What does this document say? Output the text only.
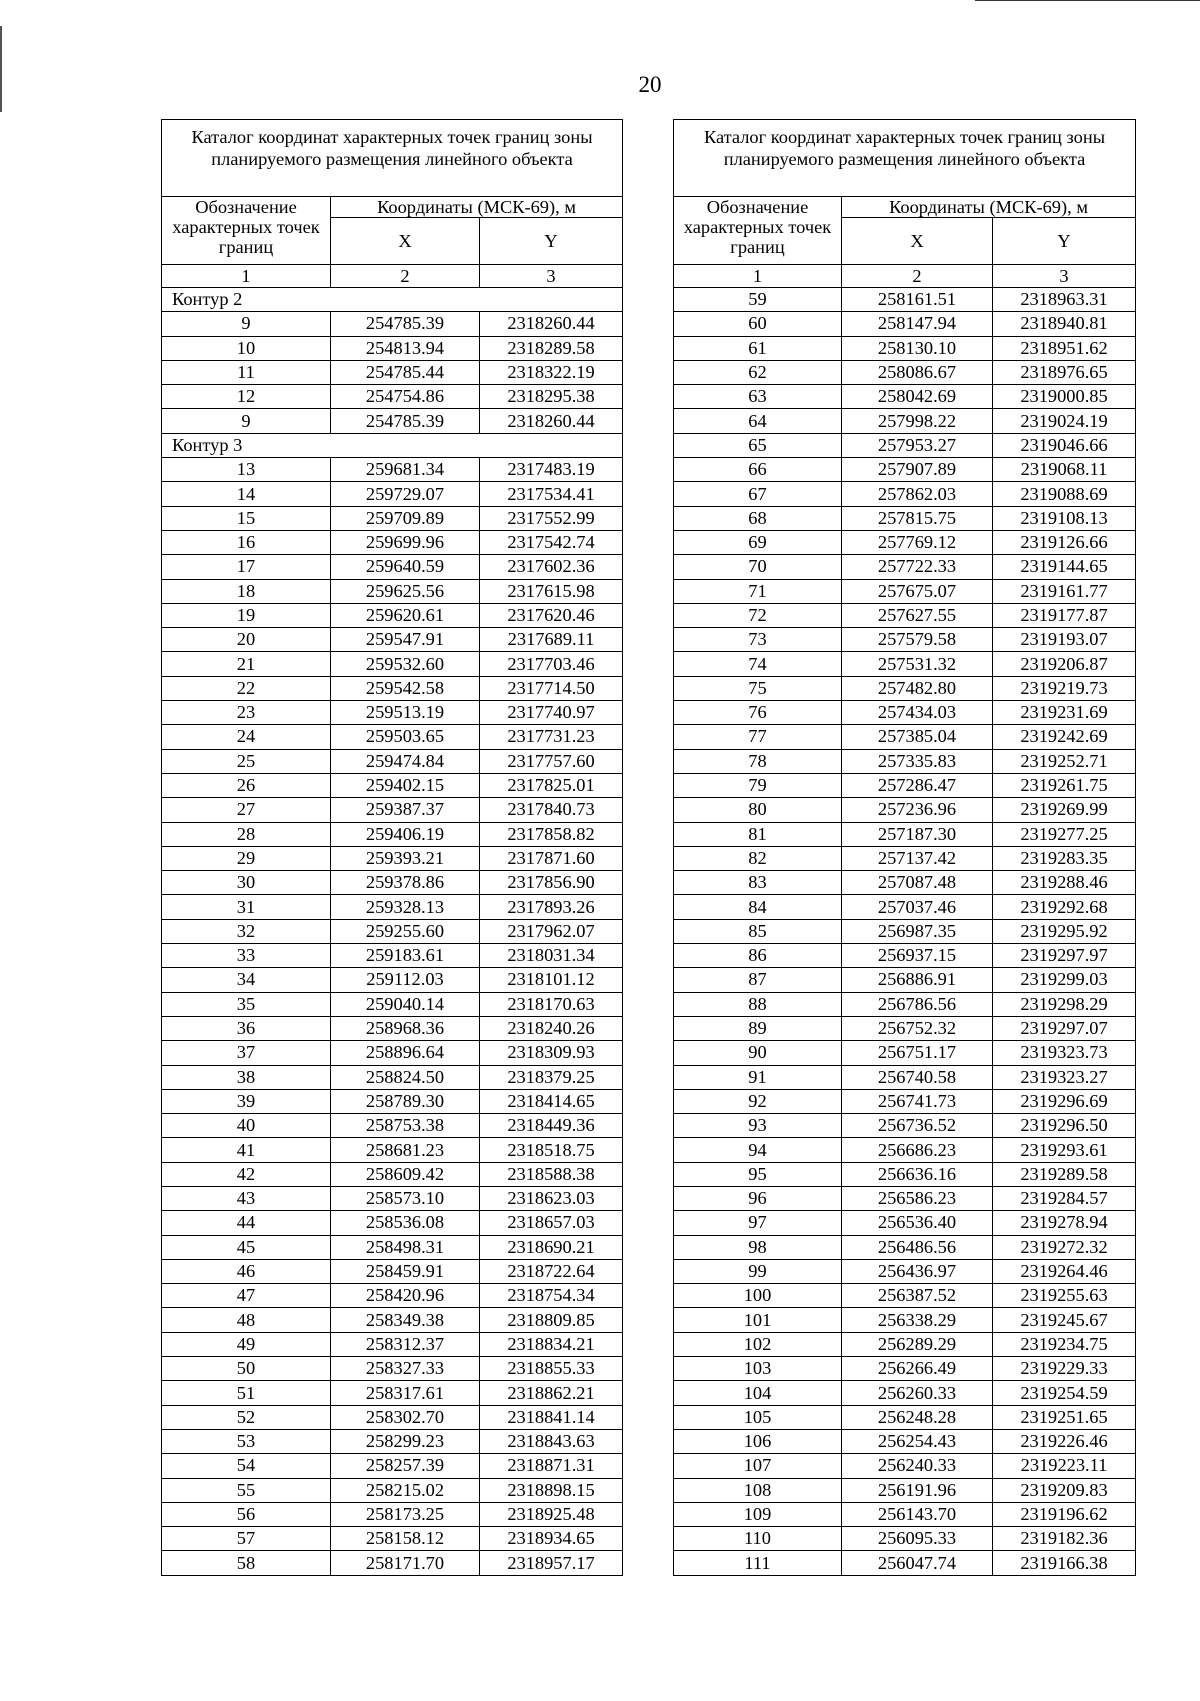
20
Каталог координат характерных точек границ зоны планируемого размещения линейного объекта		
Обозначение характерных точек границ	Координаты (МСК-69), м	
	X	Y
1	2	3
Контур 2		
9	254785.39	2318260.44
10	254813.94	2318289.58
11	254785.44	2318322.19
12	254754.86	2318295.38
9	254785.39	2318260.44
Контур 3		
13	259681.34	2317483.19
14	259729.07	2317534.41
15	259709.89	2317552.99
16	259699.96	2317542.74
17	259640.59	2317602.36
18	259625.56	2317615.98
19	259620.61	2317620.46
20	259547.91	2317689.11
21	259532.60	2317703.46
22	259542.58	2317714.50
23	259513.19	2317740.97
24	259503.65	2317731.23
25	259474.84	2317757.60
26	259402.15	2317825.01
27	259387.37	2317840.73
28	259406.19	2317858.82
29	259393.21	2317871.60
30	259378.86	2317856.90
31	259328.13	2317893.26
32	259255.60	2317962.07
33	259183.61	2318031.34
34	259112.03	2318101.12
35	259040.14	2318170.63
36	258968.36	2318240.26
37	258896.64	2318309.93
38	258824.50	2318379.25
39	258789.30	2318414.65
40	258753.38	2318449.36
41	258681.23	2318518.75
42	258609.42	2318588.38
43	258573.10	2318623.03
44	258536.08	2318657.03
45	258498.31	2318690.21
46	258459.91	2318722.64
47	258420.96	2318754.34
48	258349.38	2318809.85
49	258312.37	2318834.21
50	258327.33	2318855.33
51	258317.61	2318862.21
52	258302.70	2318841.14
53	258299.23	2318843.63
54	258257.39	2318871.31
55	258215.02	2318898.15
56	258173.25	2318925.48
57	258158.12	2318934.65
58	258171.70	2318957.17
Каталог координат характерных точек границ зоны планируемого размещения линейного объекта		
Обозначение характерных точек границ	Координаты (МСК-69), м	
	X	Y
1	2	3
59	258161.51	2318963.31
60	258147.94	2318940.81
61	258130.10	2318951.62
62	258086.67	2318976.65
63	258042.69	2319000.85
64	257998.22	2319024.19
65	257953.27	2319046.66
66	257907.89	2319068.11
67	257862.03	2319088.69
68	257815.75	2319108.13
69	257769.12	2319126.66
70	257722.33	2319144.65
71	257675.07	2319161.77
72	257627.55	2319177.87
73	257579.58	2319193.07
74	257531.32	2319206.87
75	257482.80	2319219.73
76	257434.03	2319231.69
77	257385.04	2319242.69
78	257335.83	2319252.71
79	257286.47	2319261.75
80	257236.96	2319269.99
81	257187.30	2319277.25
82	257137.42	2319283.35
83	257087.48	2319288.46
84	257037.46	2319292.68
85	256987.35	2319295.92
86	256937.15	2319297.97
87	256886.91	2319299.03
88	256786.56	2319298.29
89	256752.32	2319297.07
90	256751.17	2319323.73
91	256740.58	2319323.27
92	256741.73	2319296.69
93	256736.52	2319296.50
94	256686.23	2319293.61
95	256636.16	2319289.58
96	256586.23	2319284.57
97	256536.40	2319278.94
98	256486.56	2319272.32
99	256436.97	2319264.46
100	256387.52	2319255.63
101	256338.29	2319245.67
102	256289.29	2319234.75
103	256266.49	2319229.33
104	256260.33	2319254.59
105	256248.28	2319251.65
106	256254.43	2319226.46
107	256240.33	2319223.11
108	256191.96	2319209.83
109	256143.70	2319196.62
110	256095.33	2319182.36
111	256047.74	2319166.38
